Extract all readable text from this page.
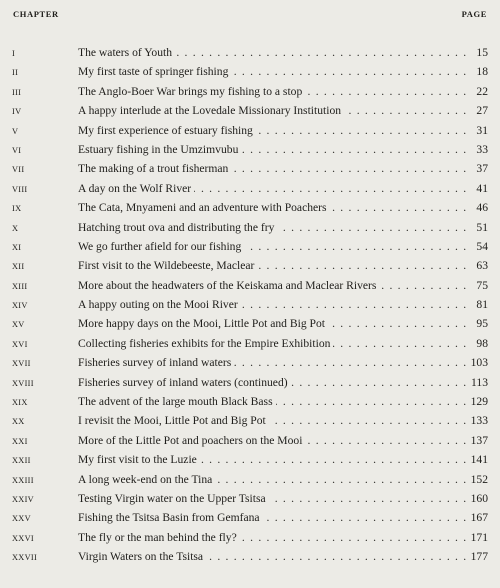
CHAPTER	PAGE
I	The waters of Youth . . .	15
II	My first taste of springer fishing . . .	18
III	The Anglo-Boer War brings my fishing to a stop . . .	22
IV	A happy interlude at the Lovedale Missionary Institution . . .	27
V	My first experience of estuary fishing . . .	31
VI	Estuary fishing in the Umzimvubu . . .	33
VII	The making of a trout fisherman . . .	37
VIII	A day on the Wolf River . . .	41
IX	The Cata, Mnyameni and an adventure with Poachers . . .	46
X	Hatching trout ova and distributing the fry . . .	51
XI	We go further afield for our fishing . . .	54
XII	First visit to the Wildebeeste, Maclear . . .	63
XIII	More about the headwaters of the Keiskama and Maclear Rivers . . .	75
XIV	A happy outing on the Mooi River . . .	81
XV	More happy days on the Mooi, Little Pot and Big Pot . . .	95
XVI	Collecting fisheries exhibits for the Empire Exhibition . . .	98
XVII	Fisheries survey of inland waters . . .	103
XVIII	Fisheries survey of inland waters (continued) . . .	113
XIX	The advent of the large mouth Black Bass . . .	129
XX	I revisit the Mooi, Little Pot and Big Pot . . .	133
XXI	More of the Little Pot and poachers on the Mooi . . .	137
XXII	My first visit to the Luzie . . .	141
XXIII	A long week-end on the Tina . . .	152
XXIV	Testing Virgin water on the Upper Tsitsa . . .	160
XXV	Fishing the Tsitsa Basin from Gemfana . . .	167
XXVI	The fly or the man behind the fly? . . .	171
XXVII	Virgin Waters on the Tsitsa . . .	177
